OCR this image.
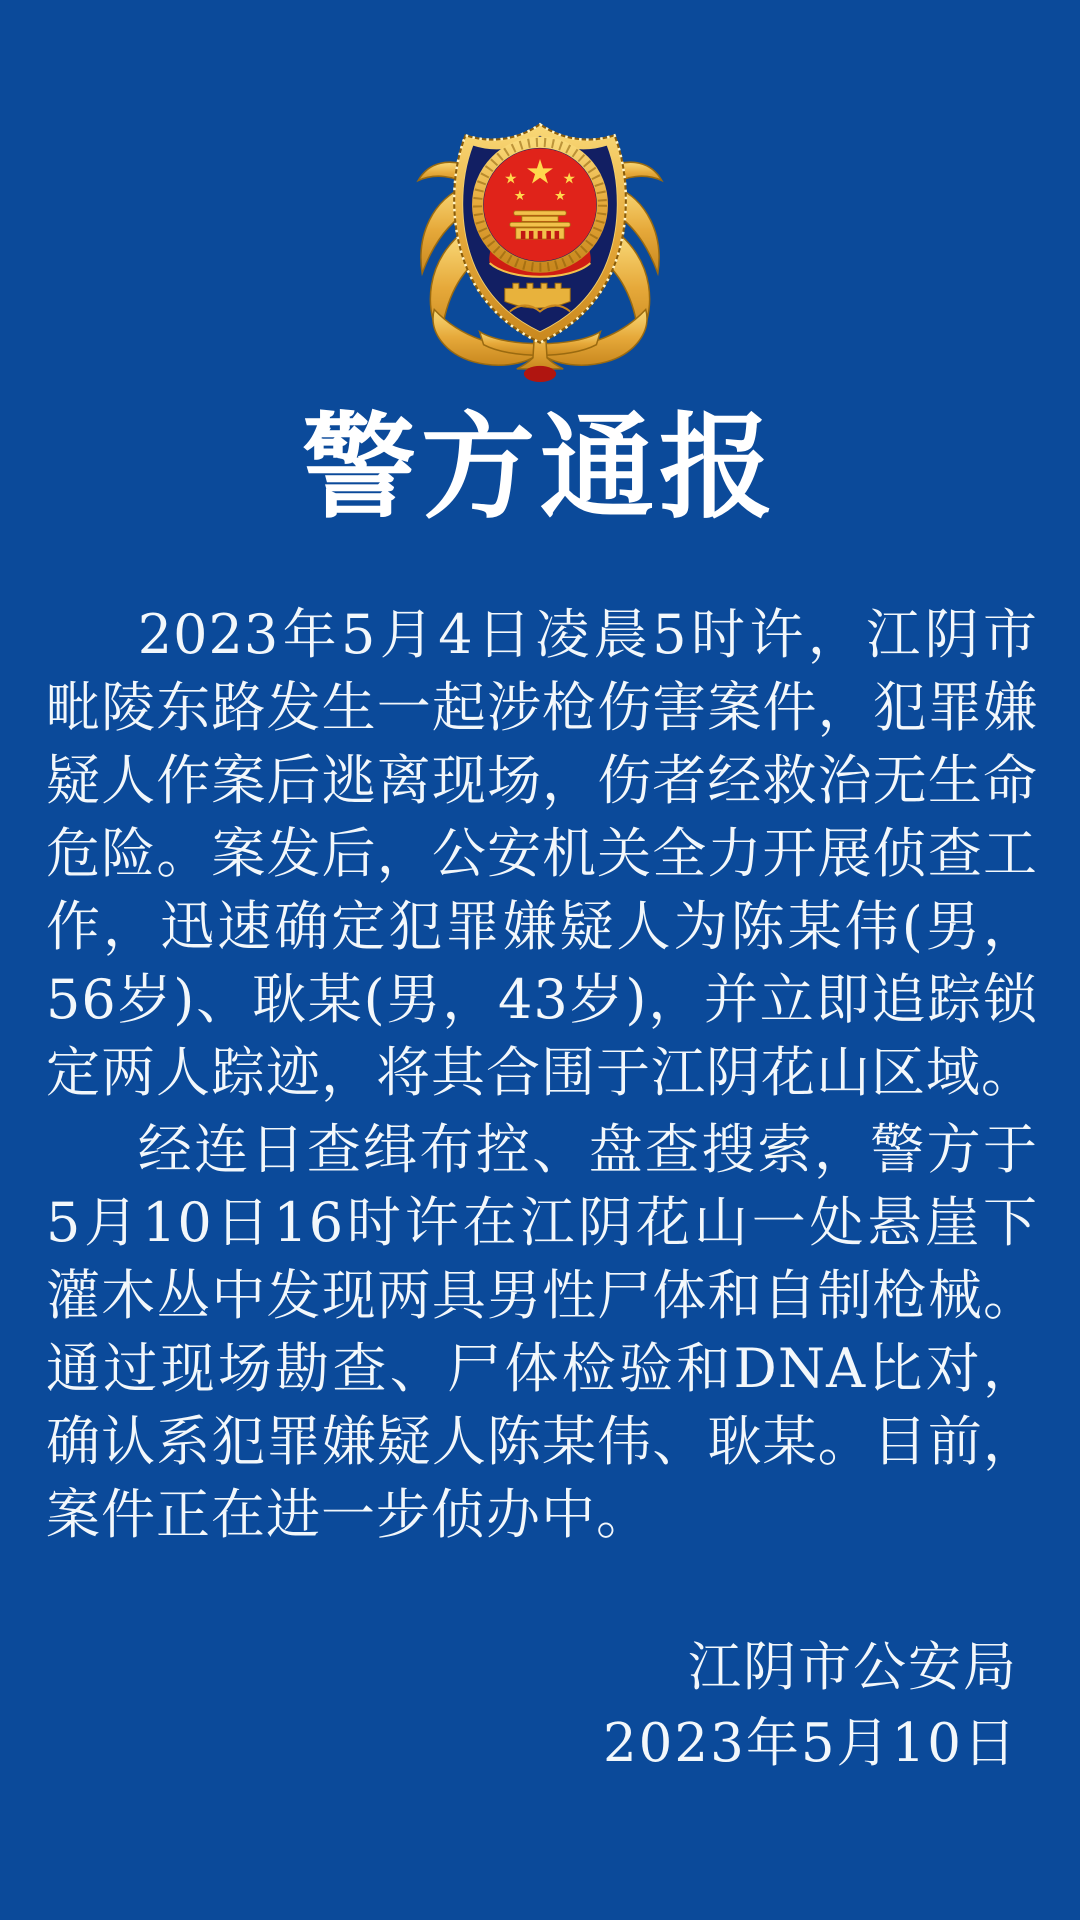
警方通报

2023年5月4日凌晨5时许，江阴市毗陵东路发生一起涉枪伤害案件，犯罪嫌疑人作案后逃离现场，伤者经救治无生命危险。案发后，公安机关全力开展侦查工作，迅速确定犯罪嫌疑人为陈某伟(男，56岁)、耿某(男，43岁)，并立即追踪锁定两人踪迹，将其合围于江阴花山区域。

经连日查缉布控、盘查搜索，警方于5月10日16时许在江阴花山一处悬崖下灌木丛中发现两具男性尸体和自制枪械。通过现场勘查、尸体检验和DNA比对，确认系犯罪嫌疑人陈某伟、耿某。目前，案件正在进一步侦办中。

江阴市公安局
2023年5月10日
